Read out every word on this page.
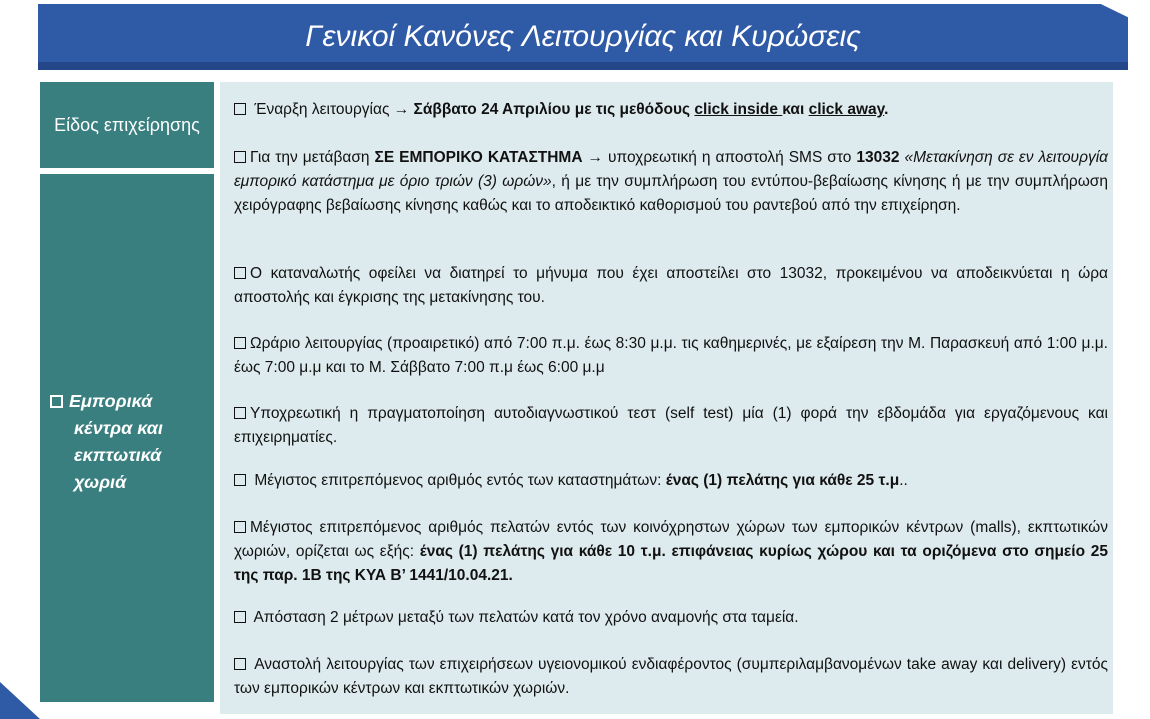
Γενικοί Κανόνες Λειτουργίας και Κυρώσεις
Είδος επιχείρησης
Εμπορικά
κέντρα και
εκπτωτικά
χωριά
Έναρξη λειτουργίας → Σάββατο 24 Απριλίου με τις μεθόδους click inside και click away.
Για την μετάβαση ΣΕ ΕΜΠΟΡΙΚΟ ΚΑΤΑΣΤΗΜΑ → υποχρεωτική η αποστολή SMS στο 13032 «Μετακίνηση σε εν λειτουργία εμπορικό κατάστημα με όριο τριών (3) ωρών», ή με την συμπλήρωση του εντύπου-βεβαίωσης κίνησης ή με την συμπλήρωση χειρόγραφης βεβαίωσης κίνησης καθώς και το αποδεικτικό καθορισμού του ραντεβού από την επιχείρηση.
Ο καταναλωτής οφείλει να διατηρεί το μήνυμα που έχει αποστείλει στο 13032, προκειμένου να αποδεικνύεται η ώρα αποστολής και έγκρισης της μετακίνησης του.
Ωράριο λειτουργίας (προαιρετικό) από 7:00 π.μ. έως 8:30 μ.μ. τις καθημερινές, με εξαίρεση την Μ. Παρασκευή από 1:00 μ.μ. έως 7:00 μ.μ και το Μ. Σάββατο 7:00 π.μ έως 6:00 μ.μ
Υποχρεωτική η πραγματοποίηση αυτοδιαγνωστικού τεστ (self test) μία (1) φορά την εβδομάδα για εργαζόμενους και επιχειρηματίες.
Μέγιστος επιτρεπόμενος αριθμός εντός των καταστημάτων: ένας (1) πελάτης για κάθε 25 τ.μ..
Μέγιστος επιτρεπόμενος αριθμός πελατών εντός των κοινόχρηστων χώρων των εμπορικών κέντρων (malls), εκπτωτικών χωριών, ορίζεται ως εξής: ένας (1) πελάτης για κάθε 10 τ.μ. επιφάνειας κυρίως χώρου και τα οριζόμενα στο σημείο 25 της παρ. 1Β της ΚΥΑ Β’ 1441/10.04.21.
Απόσταση 2 μέτρων μεταξύ των πελατών κατά τον χρόνο αναμονής στα ταμεία.
Αναστολή λειτουργίας των επιχειρήσεων υγειονομικού ενδιαφέροντος (συμπεριλαμβανομένων take away και delivery) εντός των εμπορικών κέντρων και εκπτωτικών χωριών.
